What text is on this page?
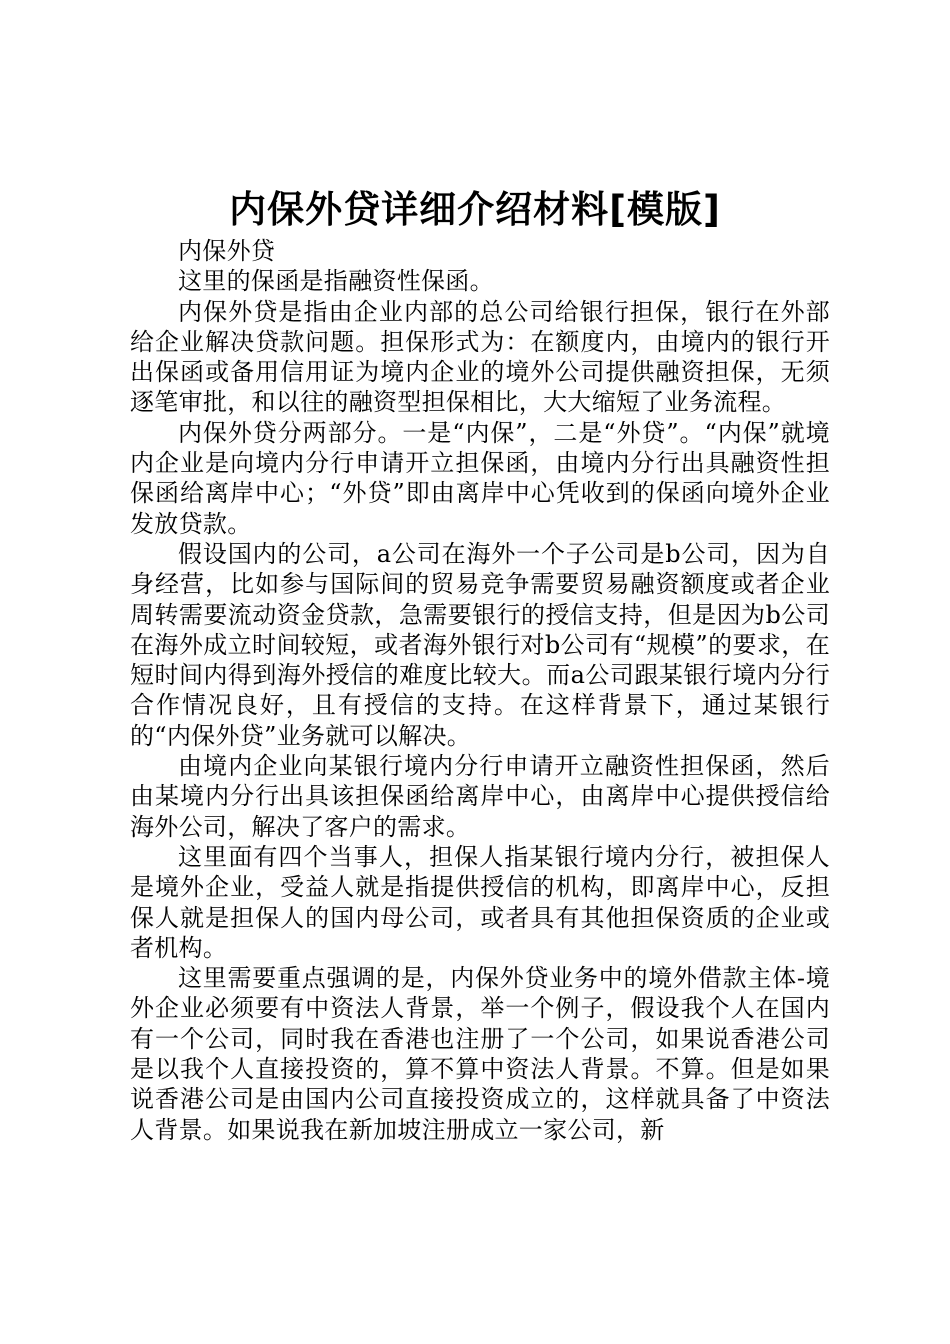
内保外贷详细介绍材料[模版]

内保外贷

这里的保函是指融资性保函。

内保外贷是指由企业内部的总公司给银行担保，银行在外部给企业解决贷款问题。担保形式为：在额度内，由境内的银行开出保函或备用信用证为境内企业的境外公司提供融资担保，无须逐笔审批，和以往的融资型担保相比，大大缩短了业务流程。

内保外贷分两部分。一是“内保”，二是“外贷”。“内保”就境内企业是向境内分行申请开立担保函，由境内分行出具融资性担保函给离岸中心；“外贷”即由离岸中心凭收到的保函向境外企业发放贷款。

假设国内的公司，a公司在海外一个子公司是b公司，因为自身经营，比如参与国际间的贸易竞争需要贸易融资额度或者企业周转需要流动资金贷款，急需要银行的授信支持，但是因为b公司在海外成立时间较短，或者海外银行对b公司有“规模”的要求，在短时间内得到海外授信的难度比较大。而a公司跟某银行境内分行合作情况良好，且有授信的支持。在这样背景下，通过某银行的“内保外贷”业务就可以解决。

由境内企业向某银行境内分行申请开立融资性担保函，然后由某境内分行出具该担保函给离岸中心，由离岸中心提供授信给海外公司，解决了客户的需求。

这里面有四个当事人，担保人指某银行境内分行，被担保人是境外企业，受益人就是指提供授信的机构，即离岸中心，反担保人就是担保人的国内母公司，或者具有其他担保资质的企业或者机构。

这里需要重点强调的是，内保外贷业务中的境外借款主体-境外企业必须要有中资法人背景，举一个例子，假设我个人在国内有一个公司，同时我在香港也注册了一个公司，如果说香港公司是以我个人直接投资的，算不算中资法人背景。不算。但是如果说香港公司是由国内公司直接投资成立的，这样就具备了中资法人背景。如果说我在新加坡注册成立一家公司，新
